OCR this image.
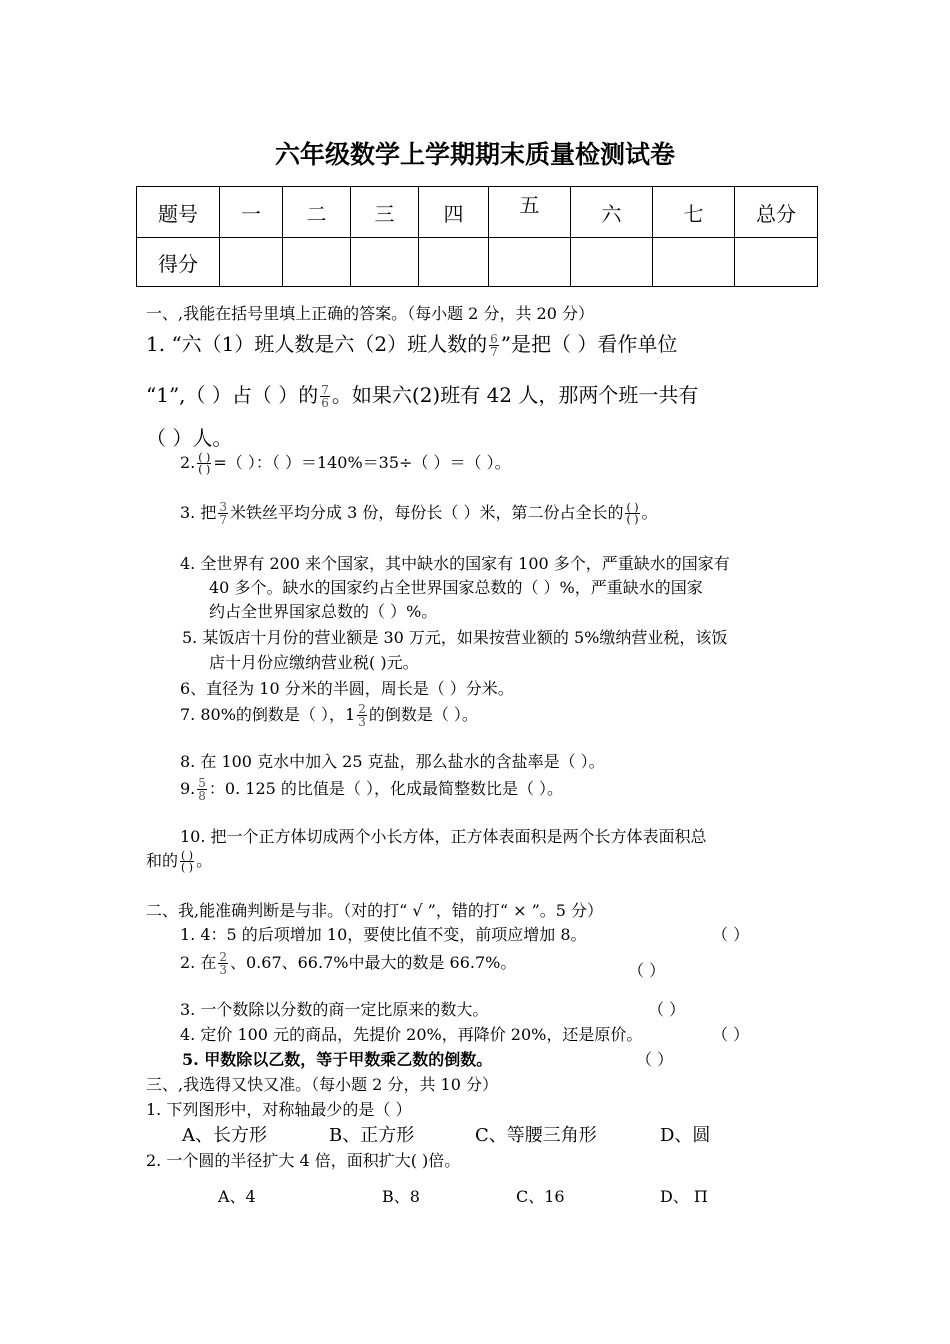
六年级数学上学期期末质量检测试卷
题号	一	二	三	四	五	六	七	总分
得分								
一、,我能在括号里填上正确的答案。（每小题 2 分，共 20 分）
1. “六（1）班人数是六（2）班人数的 $\frac{6}{7}$ ”是把（ ）看作单位
“1”,（ ）占（ ）的 $\frac{7}{6}$ 。如果六(2)班有 42 人，那两个班一共有
（ ）人。
2. $\frac{( )}{( )}$ =（ ）：（ ）＝140%＝35÷（ ）＝（ ）。
3. 把 $\frac{3}{7}$ 米铁丝平均分成 3 份，每份长（ ）米，第二份占全长的 $\frac{( )}{( )}$ 。
4. 全世界有 200 来个国家，其中缺水的国家有 100 多个，严重缺水的国家有
40 多个。缺水的国家约占全世界国家总数的（ ）%，严重缺水的国家
约占全世界国家总数的（ ）%。
5. 某饭店十月份的营业额是 30 万元，如果按营业额的 5%缴纳营业税，该饭
店十月份应缴纳营业税( )元。
6、直径为 10 分米的半圆，周长是（ ）分米。
7. 80%的倒数是（ ），$1 \frac{2}{3}$ 的倒数是（ ）。
8. 在 100 克水中加入 25 克盐，那么盐水的含盐率是（ ）。
9. $\frac{5}{8}$ ：0. 125 的比值是（ ），化成最简整数比是（ ）。
10. 把一个正方体切成两个小长方体，正方体表面积是两个长方体表面积总
和的 $\frac{( )}{( )}$ 。
二、我,能准确判断是与非。（对的打“ √ ”，错的打“ × ”。5 分）
1. 4：5 的后项增加 10，要使比值不变，前项应增加 8。	（ ）
2. 在 $\frac{2}{3}$ 、0.67、66.7%中最大的数是 66.7%。	（ ）
3. 一个数除以分数的商一定比原来的数大。	（ ）
4. 定价 100 元的商品，先提价 20%，再降价 20%，还是原价。	（ ）
5. 甲数除以乙数，等于甲数乘乙数的倒数。	（ ）
三、,我选得又快又准。（每小题 2 分，共 10 分）
1. 下列图形中，对称轴最少的是（ ）
A、长方形	B、正方形	C、等腰三角形	D、圆
2. 一个圆的半径扩大 4 倍，面积扩大( )倍。
A、4	B、8	C、16	D、 Π
